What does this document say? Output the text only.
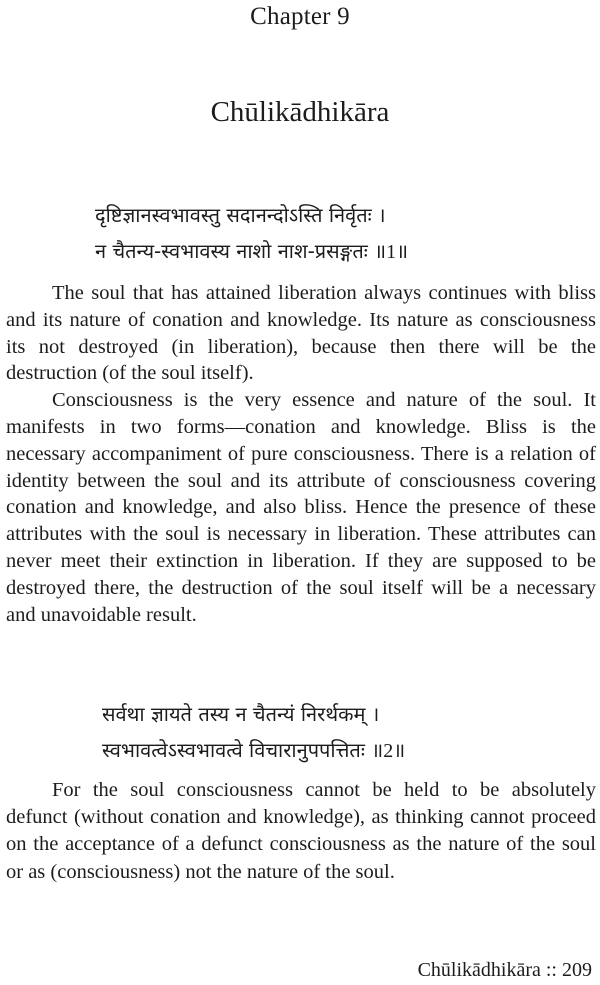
Chapter 9
Chūlikādhikāra
दृष्टिज्ञानस्वभावस्तु सदानन्दोऽस्ति निर्वृतः ।
न चैतन्य-स्वभावस्य नाशो नाश-प्रसङ्गतः ॥1॥

The soul that has attained liberation always continues with bliss and its nature of conation and knowledge. Its nature as consciousness its not destroyed (in liberation), because then there will be the destruction (of the soul itself).

Consciousness is the very essence and nature of the soul. It manifests in two forms—conation and knowledge. Bliss is the necessary accompaniment of pure consciousness. There is a relation of identity between the soul and its attribute of consciousness covering conation and knowledge, and also bliss. Hence the presence of these attributes with the soul is necessary in liberation. These attributes can never meet their extinction in liberation. If they are supposed to be destroyed there, the destruction of the soul itself will be a necessary and unavoidable result.

सर्वथा ज्ञायते तस्य न चैतन्यं निरर्थकम् ।
स्वभावत्वेऽस्वभावत्वे विचारानुपपत्तितः ॥2॥

For the soul consciousness cannot be held to be absolutely defunct (without conation and knowledge), as thinking cannot proceed on the acceptance of a defunct consciousness as the nature of the soul or as (consciousness) not the nature of the soul.

Chūlikādhikāra :: 209
